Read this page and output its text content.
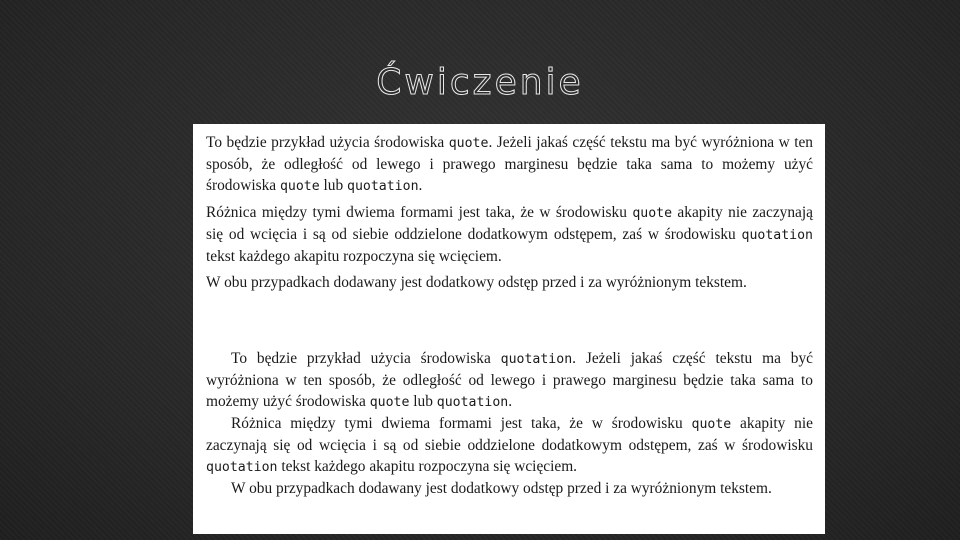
Ćwiczenie

To będzie przykład użycia środowiska quote. Jeżeli jakaś część tekstu ma być wyróżniona w ten sposób, że odległość od lewego i prawego marginesu będzie taka sama to możemy użyć środowiska quote lub quotation.

Różnica między tymi dwiema formami jest taka, że w środowisku quote akapity nie zaczynają się od wcięcia i są od siebie oddzielone dodatkowym odstępem, zaś w środowisku quotation tekst każdego akapitu rozpoczyna się wcięciem.

W obu przypadkach dodawany jest dodatkowy odstęp przed i za wyróżnionym tekstem.

To będzie przykład użycia środowiska quotation. Jeżeli jakaś część tekstu ma być wyróżniona w ten sposób, że odległość od lewego i prawego marginesu będzie taka sama to możemy użyć środowiska quote lub quotation.

Różnica między tymi dwiema formami jest taka, że w środowisku quote akapity nie zaczynają się od wcięcia i są od siebie oddzielone dodatkowym odstępem, zaś w środowisku quotation tekst każdego akapitu rozpoczyna się wcięciem.

W obu przypadkach dodawany jest dodatkowy odstęp przed i za wyróżnionym tekstem.
